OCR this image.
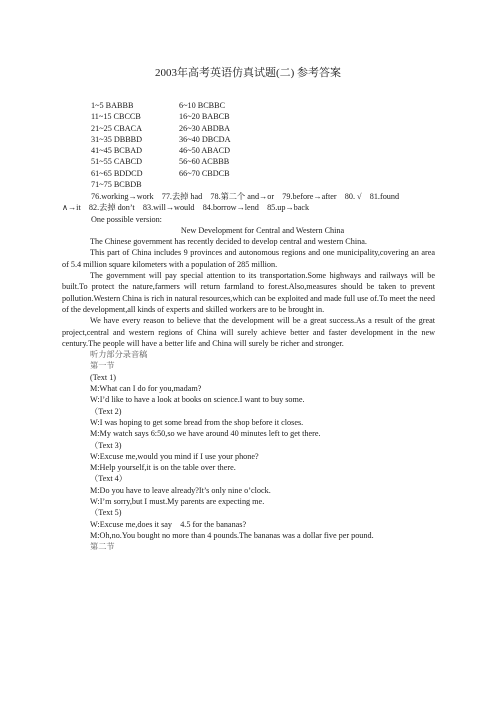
2003年高考英语仿真试题(二) 参考答案
1~5 BABBB	6~10 BCBBC
11~15 CBCCB	16~20 BABCB
21~25 CBACA	26~30 ABDBA
31~35 DBBBD	36~40 DBCDA
41~45 BCBAD	46~50 ABACD
51~55 CABCD	56~60 ACBBB
61~65 BDDCD	66~70 CBDCB
71~75 BCBDB
76.working→work　77.去掉 had　78.第二个 and→or　79.before→after　80. √　81.found
∧→it　82.去掉 don’t　83.will→would　84.borrow→lend　85.up→back
One possible version:
New Development for Central and Western China
The Chinese government has recently decided to develop central and western China.
This part of China includes 9 provinces and autonomous regions and one municipality,covering an area of 5.4 million square kilometers with a population of 285 million.
The government will pay special attention to its transportation.Some highways and railways will be built.To protect the nature,farmers will return farmland to forest.Also,measures should be taken to prevent pollution.Western China is rich in natural resources,which can be exploited and made full use of.To meet the need of the development,all kinds of experts and skilled workers are to be brought in.
We have every reason to believe that the development will be a great success.As a result of the great project,central and western regions of China will surely achieve better and faster development in the new century.The people will have a better life and China will surely be richer and stronger.
听力部分录音稿
第一节
(Text 1)
M:What can I do for you,madam?
W:I’d like to have a look at books on science.I want to buy some.
（Text 2)
W:I was hoping to get some bread from the shop before it closes.
M:My watch says 6:50,so we have around 40 minutes left to get there.
（Text 3)
W:Excuse me,would you mind if I use your phone?
M:Help yourself,it is on the table over there.
（Text 4）
M:Do you have to leave already?It’s only nine o’clock.
W:I’m sorry,but I must.My parents are expecting me.
（Text 5)
W:Excuse me,does it say　4.5 for the bananas?
M:Oh,no.You bought no more than 4 pounds.The bananas was a dollar five per pound.
第二节
